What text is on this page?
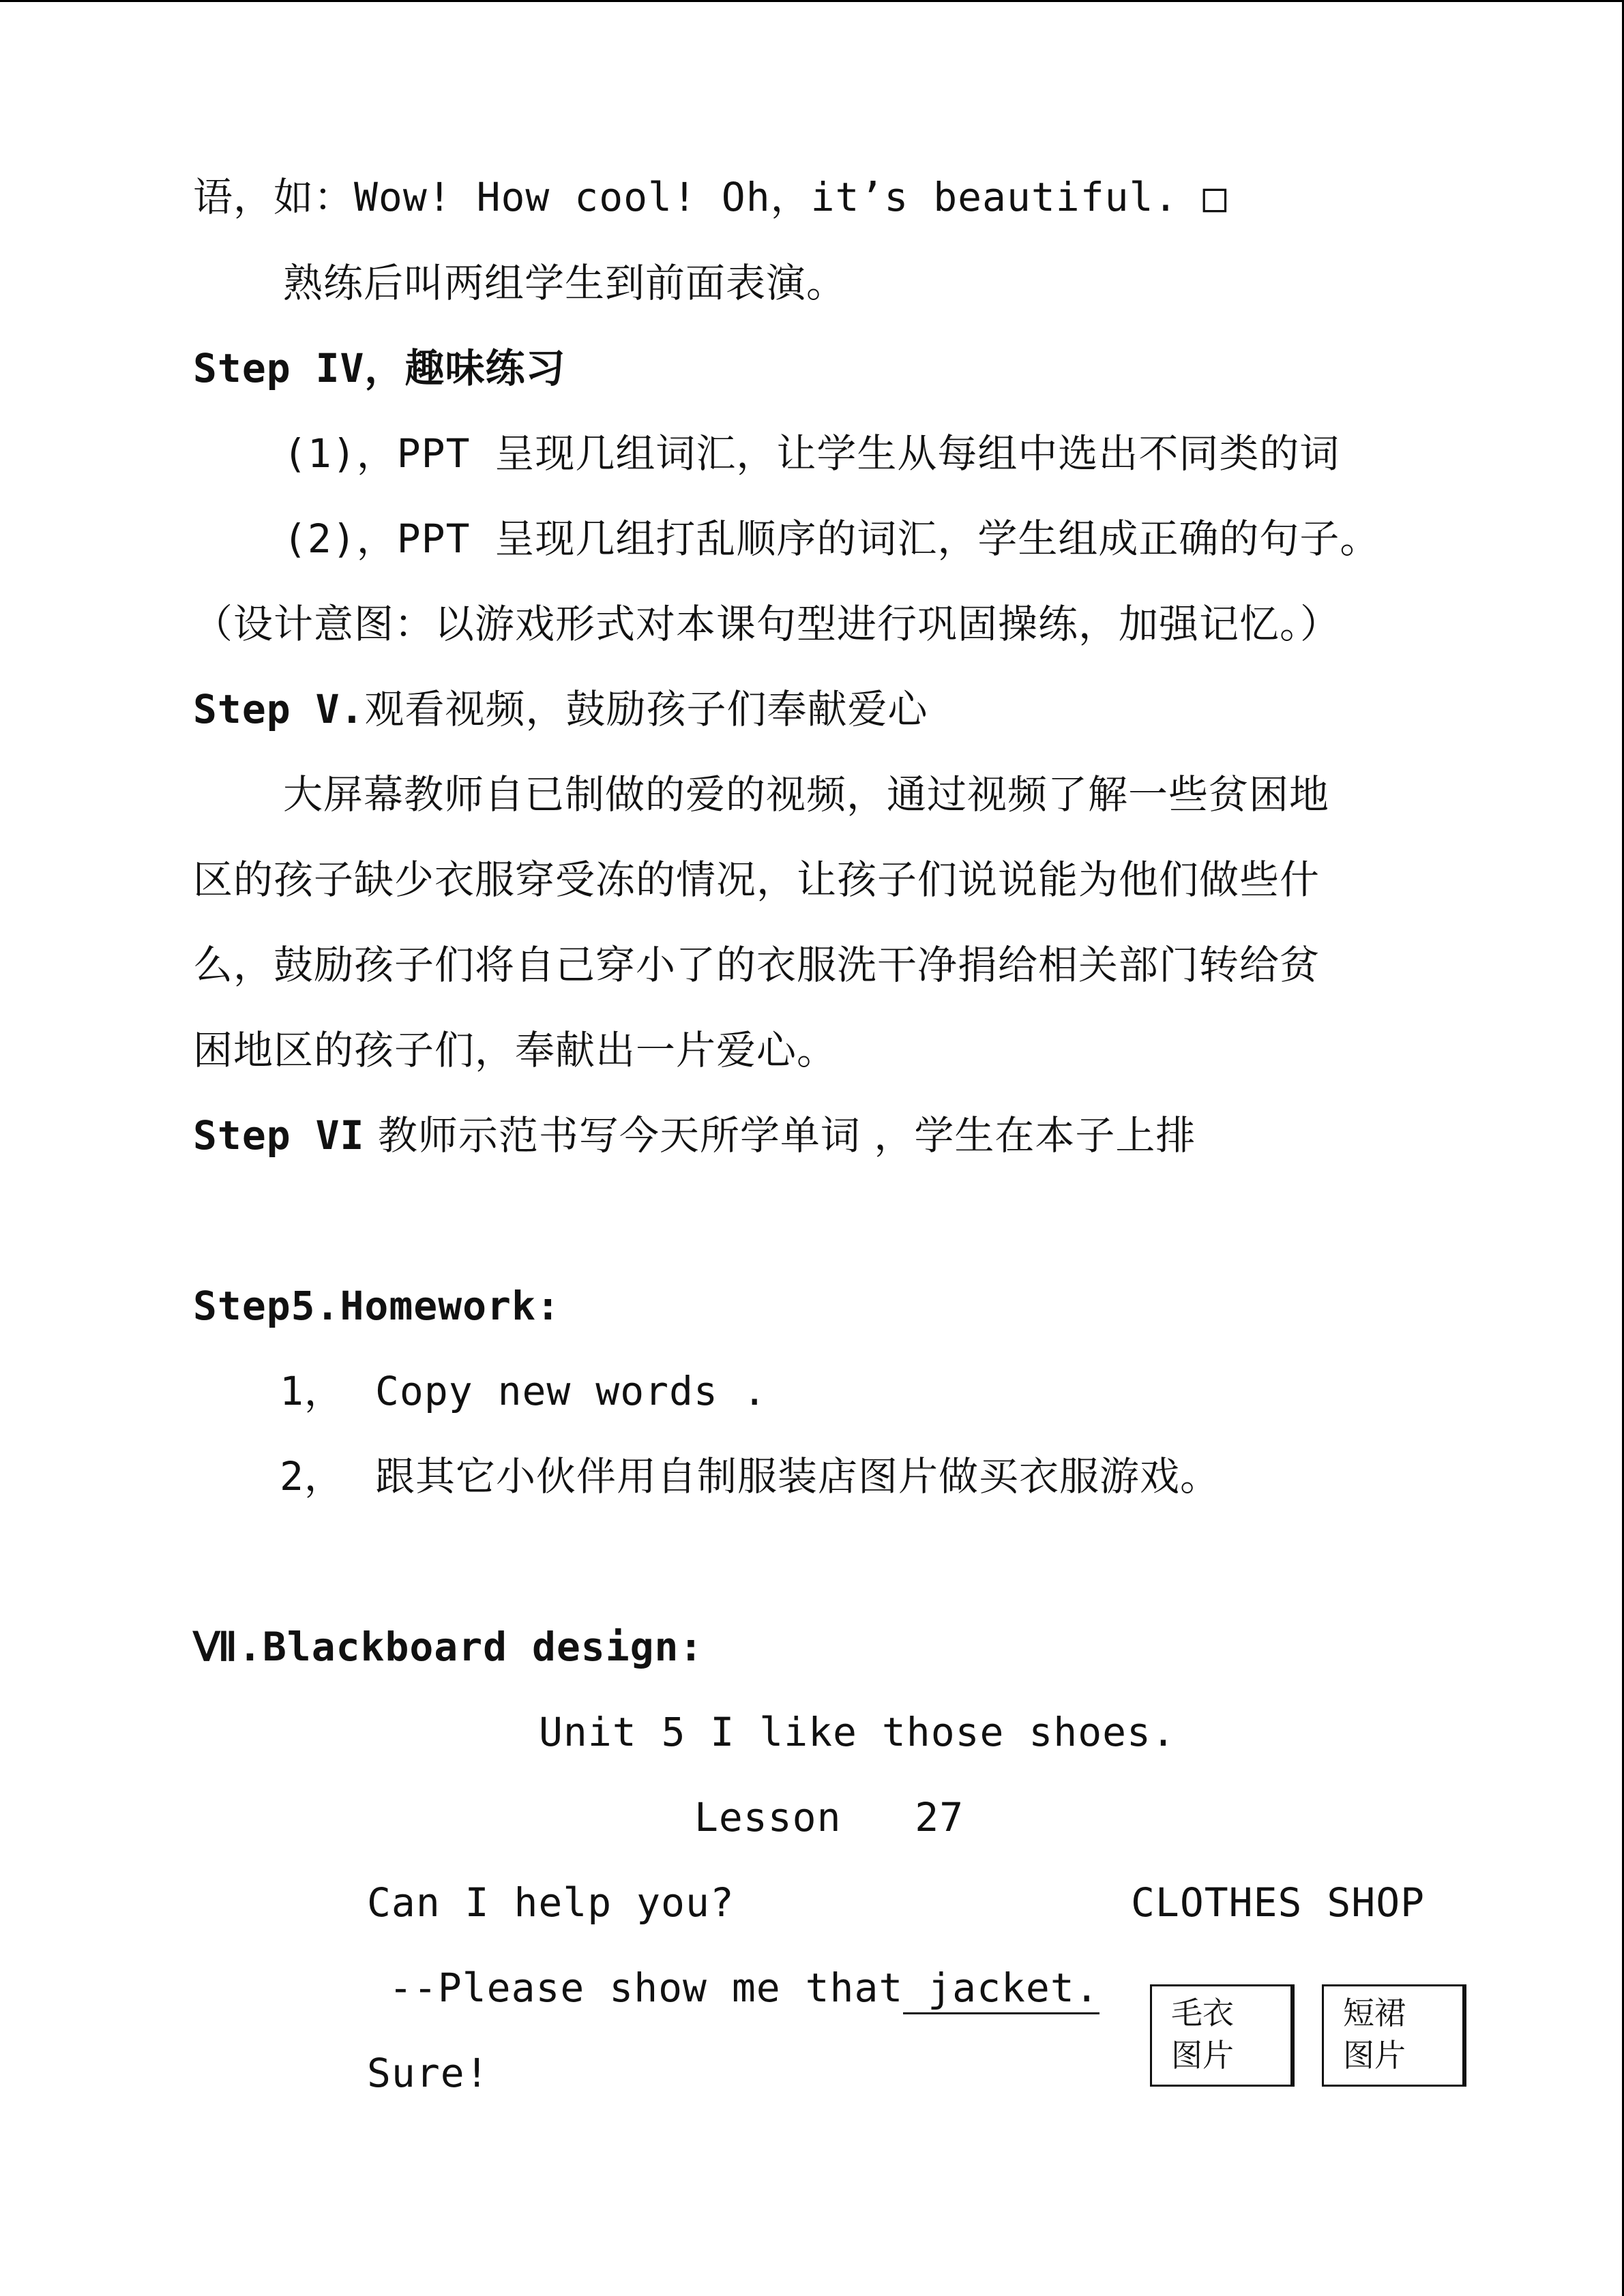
语，如：Wow! How cool! Oh，it’s beautiful. □
熟练后叫两组学生到前面表演。
Step IV，趣味练习
(1)，PPT 呈现几组词汇，让学生从每组中选出不同类的词
(2)，PPT 呈现几组打乱顺序的词汇，学生组成正确的句子。
（设计意图：以游戏形式对本课句型进行巩固操练，加强记忆。）
Step V.观看视频，鼓励孩子们奉献爱心
大屏幕教师自已制做的爱的视频，通过视频了解一些贫困地
区的孩子缺少衣服穿受冻的情况，让孩子们说说能为他们做些什
么，鼓励孩子们将自己穿小了的衣服洗干净捐给相关部门转给贫
困地区的孩子们，奉献出一片爱心。
Step VI 教师示范书写今天所学单词 ，学生在本子上排
Step5.Homework:
1， Copy new words .
2， 跟其它小伙伴用自制服装店图片做买衣服游戏。
Ⅶ.Blackboard design:
Unit 5 I like those shoes.
Lesson   27
Can I help you?	CLOTHES SHOP
--Please show me that jacket.
Sure!
毛衣
图片
短裙
图片
